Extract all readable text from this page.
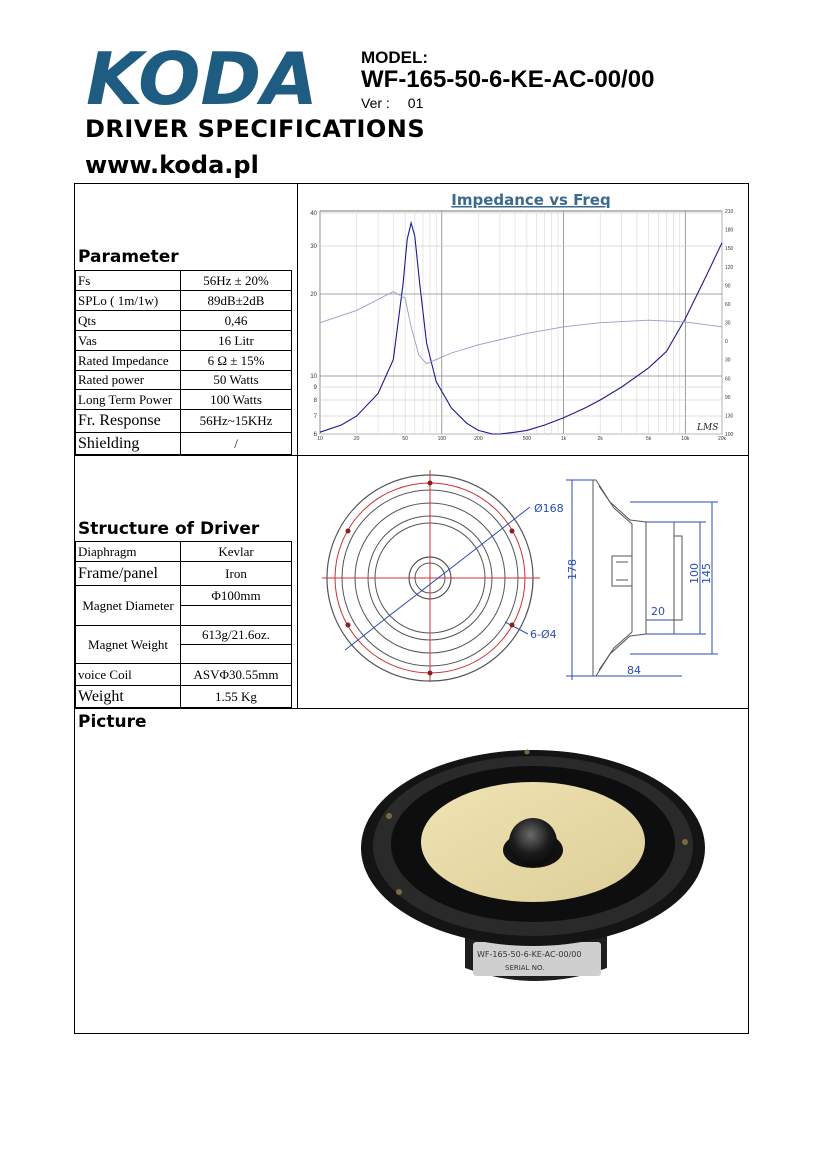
KODA	MODEL:
WF-165-50-6-KE-AC-00/00
Ver : 01
DRIVER SPECIFICATIONS
www.koda.pl
Parameter
Fs	56Hz ± 20%
SPLo ( 1m/1w)	89dB±2dB
Qts	0,46
Vas	16 Litr
Rated Impedance	6 Ω ± 15%
Rated power	50 Watts
Long Term Power	100 Watts
Fr. Response	56Hz~15KHz
Shielding	/
Structure of Driver
Diaphragm	Kevlar
Frame/panel	Iron
Magnet Diameter	Φ100mm

Magnet Weight	613g/21.6oz.

voice Coil	ASVΦ30.55mm
Weight	1.55 Kg
Impedance vs Freq
6
7
8
9
10
20
30
40
100
130
90
60
30
0
30
60
90
120
150
180
210
10	20	50	100	200	500	1k	2k	5k	10k	20k
LMS
Ø168
6-Ø4
178	100 145
20
84
Picture
WF-165-50-6-KE-AC-00/00
SERIAL NO.
